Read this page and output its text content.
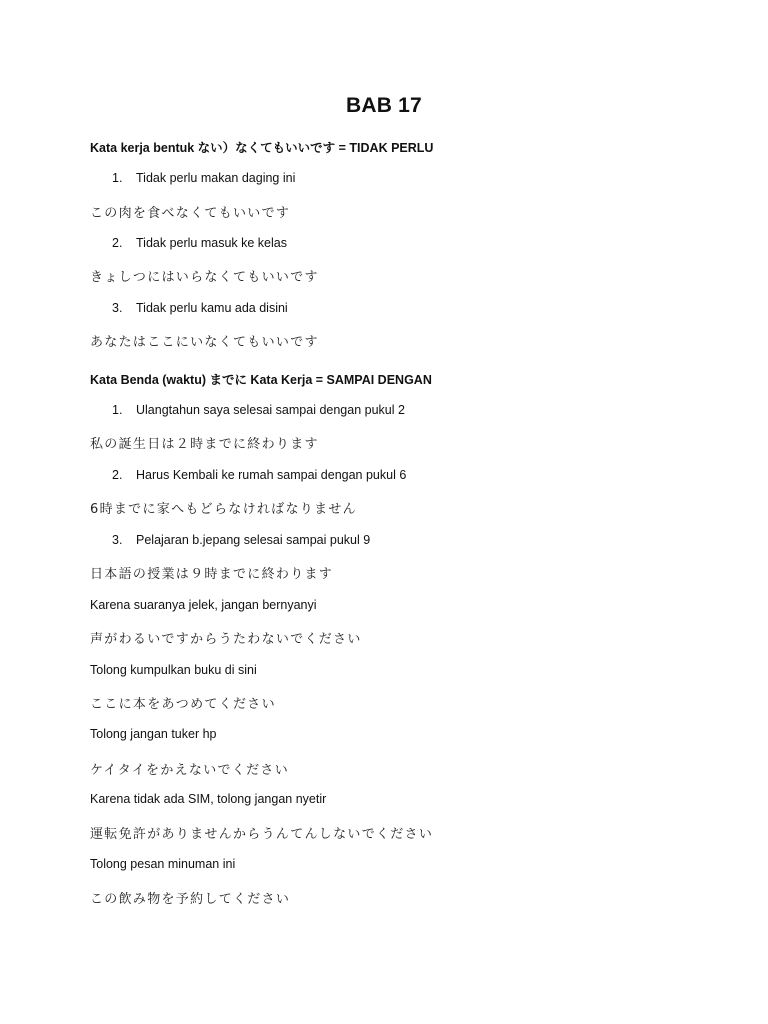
BAB 17
Kata kerja bentuk ない）なくてもいいです = TIDAK PERLU
1. Tidak perlu makan daging ini
この肉を食べなくてもいいです
2. Tidak perlu masuk ke kelas
きょしつにはいらなくてもいいです
3. Tidak perlu kamu ada disini
あなたはここにいなくてもいいです
Kata Benda (waktu) までに Kata Kerja = SAMPAI DENGAN
1. Ulangtahun saya selesai sampai dengan pukul 2
私の誕生日は２時までに終わります
2. Harus Kembali ke rumah sampai dengan pukul 6
6時までに家へもどらなければなりません
3. Pelajaran b.jepang selesai sampai pukul 9
日本語の授業は９時までに終わります
Karena suaranya jelek, jangan bernyanyi
声がわるいですからうたわないでください
Tolong kumpulkan buku di sini
ここに本をあつめてください
Tolong jangan tuker hp
ケイタイをかえないでください
Karena tidak ada SIM, tolong jangan nyetir
運転免許がありませんからうんてんしないでください
Tolong pesan minuman ini
この飲み物を予約してください
